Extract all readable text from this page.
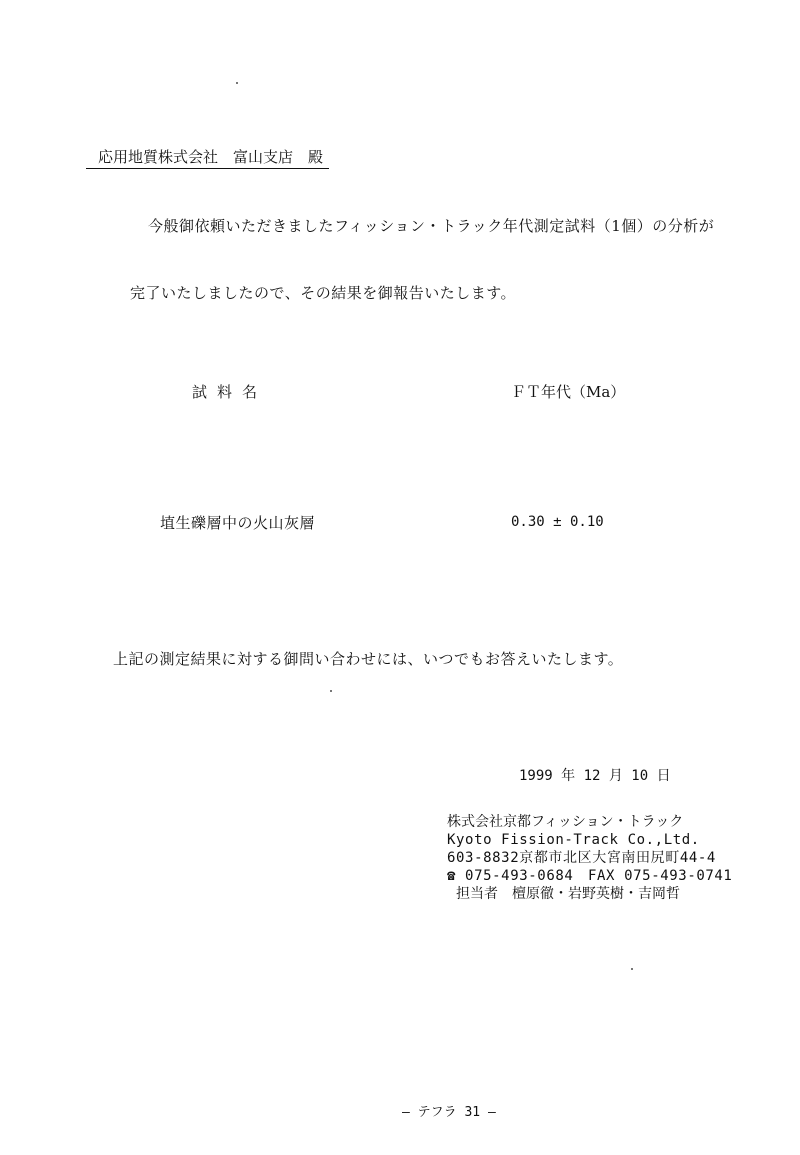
応用地質株式会社　富山支店　殿
今般御依頼いただきましたフィッション・トラック年代測定試料（1個）の分析が
完了いたしましたので、その結果を御報告いたします。
試料名	ＦＴ年代（Ma）
埴生礫層中の火山灰層	0.30 ± 0.10
上記の測定結果に対する御問い合わせには、いつでもお答えいたします。
1999 年 12 月 10 日
株式会社京都フィッション・トラック
Kyoto Fission-Track Co.,Ltd.
603-8832京都市北区大宮南田尻町44-4
☎ 075-493-0684　FAX 075-493-0741
担当者　檀原徹・岩野英樹・吉岡哲
― テフラ 31 ―
